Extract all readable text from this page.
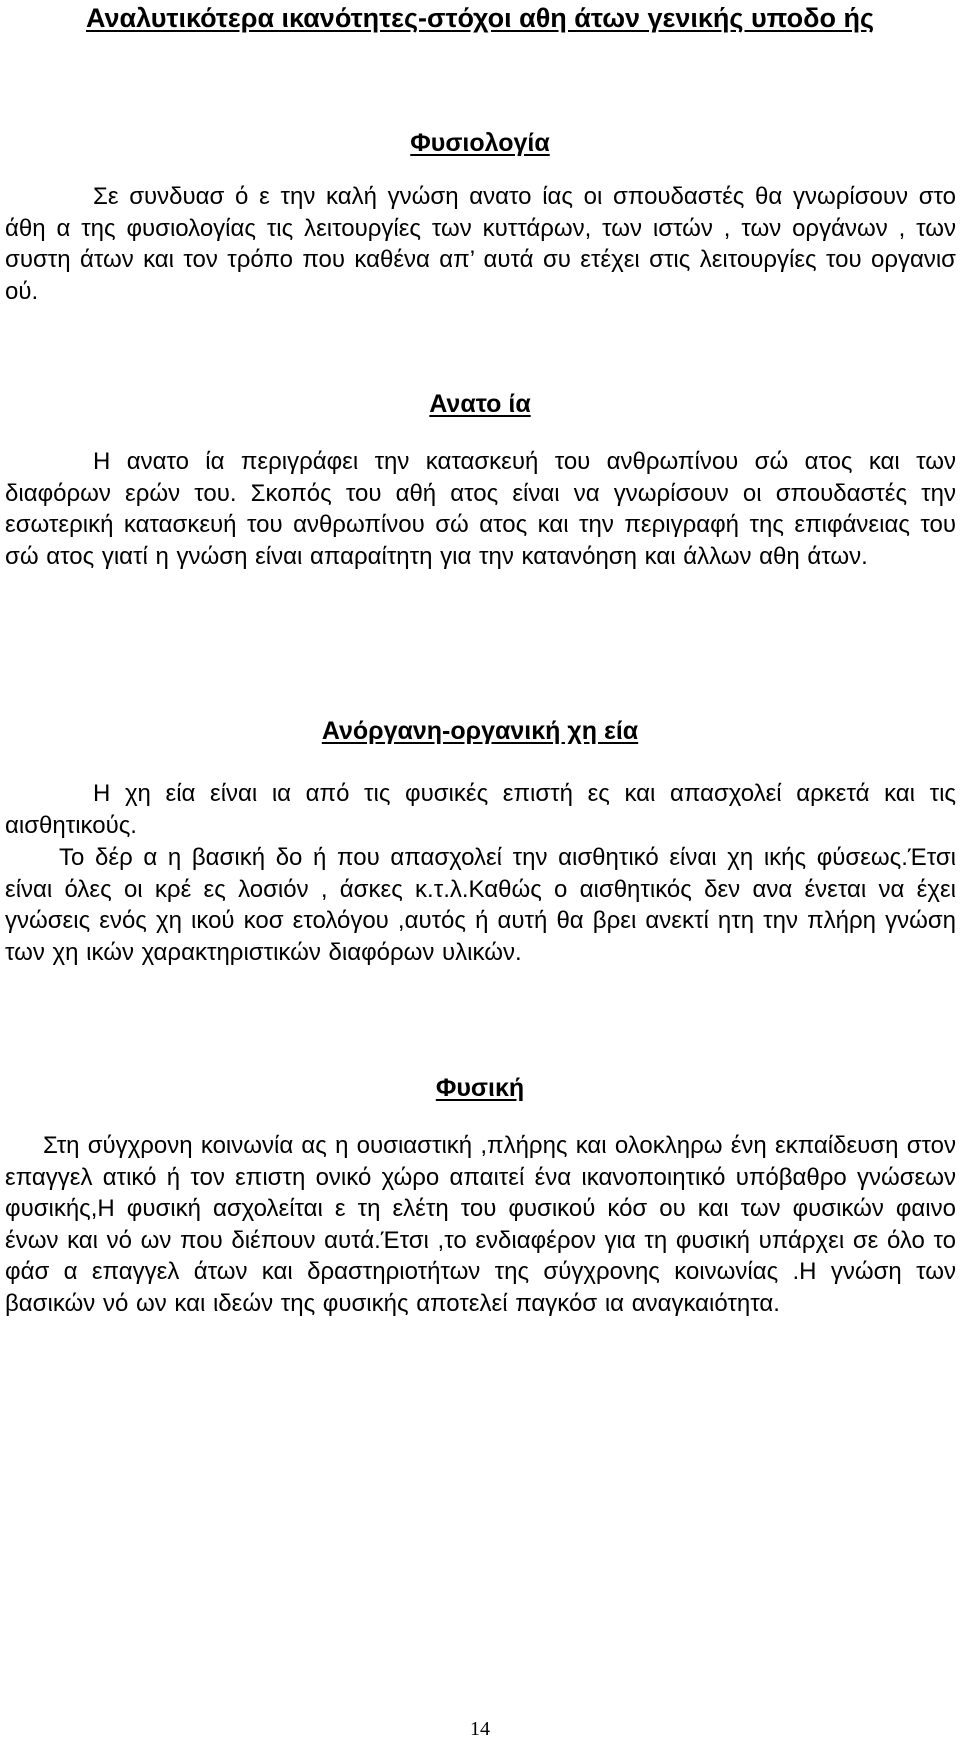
Αναλυτικότερα ικανότητες-στόχοι αθη άτων γενικής υποδο ής
Φυσιολογία

Σε συνδυασ ό ε την καλή γνώση ανατο ίας οι σπουδαστές θα γνωρίσουν στο άθη α της φυσιολογίας τις λειτουργίες των κυττάρων, των ιστών , των οργάνων , των συστη άτων και τον τρόπο που καθένα απ’ αυτά συ ετέχει στις λειτουργίες του οργανισ ού.

Ανατο ία

Η ανατο ία περιγράφει την κατασκευή του ανθρωπίνου σώ ατος και των διαφόρων ερών του. Σκοπός του αθή ατος είναι να γνωρίσουν οι σπουδαστές την εσωτερική κατασκευή του ανθρωπίνου σώ ατος και την περιγραφή της επιφάνειας του σώ ατος γιατί η γνώση είναι απαραίτητη για την κατανόηση και άλλων αθη άτων.

Ανόργανη-οργανική χη εία

Η χη εία είναι ια από τις φυσικές επιστή ες και απασχολεί αρκετά και τις αισθητικούς.

Το δέρ α η βασική δο ή που απασχολεί την αισθητικό είναι χη ικής φύσεως.Έτσι είναι όλες οι κρέ ες λοσιόν , άσκες κ.τ.λ.Καθώς ο αισθητικός δεν ανα ένεται να έχει γνώσεις ενός χη ικού κοσ ετολόγου ,αυτός ή αυτή θα βρει ανεκτί ητη την πλήρη γνώση των χη ικών χαρακτηριστικών διαφόρων υλικών.

Φυσική

Στη σύγχρονη κοινωνία ας η ουσιαστική ,πλήρης και ολοκληρω ένη εκπαίδευση στον επαγγελ ατικό ή τον επιστη ονικό χώρο απαιτεί ένα ικανοποιητικό υπόβαθρο γνώσεων φυσικής,Η φυσική ασχολείται ε τη ελέτη του φυσικού κόσ ου και των φυσικών φαινο ένων και νό ων που διέπουν αυτά.Έτσι ,το ενδιαφέρον για τη φυσική υπάρχει σε όλο το φάσ α επαγγελ άτων και δραστηριοτήτων της σύγχρονης κοινωνίας .Η γνώση των βασικών νό ων και ιδεών της φυσικής αποτελεί παγκόσ ια αναγκαιότητα.

14
